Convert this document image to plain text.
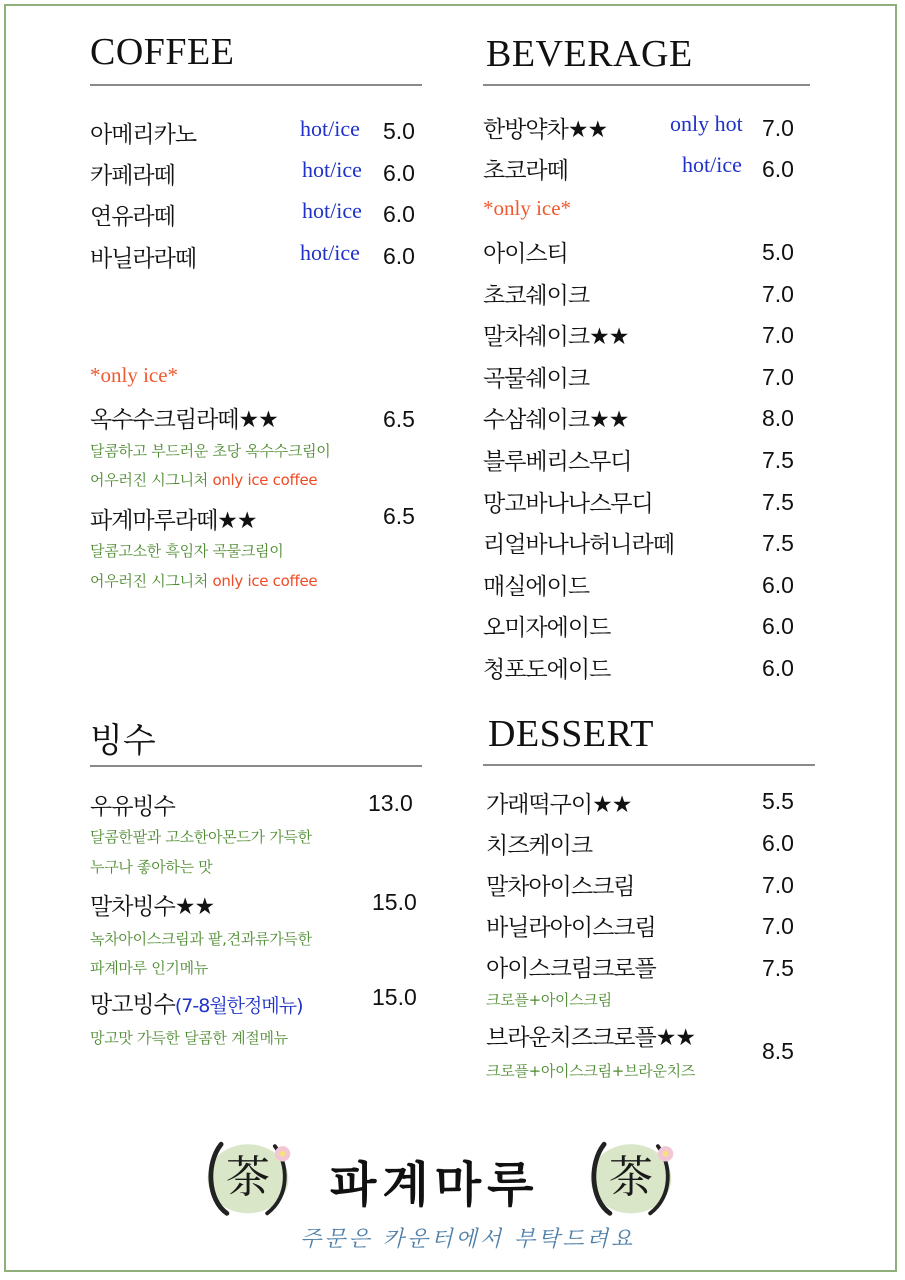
COFFEE
아메리카노	hot/ice 5.0
카페라떼	hot/ice 6.0
연유라떼	hot/ice 6.0
바닐라라떼	hot/ice 6.0
*only ice*
옥수수크림라떼★★	6.5
달콤하고 부드러운 초당 옥수수크림이
어우러진 시그니처 only ice coffee
파계마루라떼★★	6.5
달콤고소한 흑임자 곡물크림이
어우러진 시그니처 only ice coffee
BEVERAGE
한방약차★★	only hot 7.0
초코라떼	hot/ice 6.0
*only ice*
아이스티	5.0
초코쉐이크	7.0
말차쉐이크★★	7.0
곡물쉐이크	7.0
수삼쉐이크★★	8.0
블루베리스무디	7.5
망고바나나스무디	7.5
리얼바나나허니라떼	7.5
매실에이드	6.0
오미자에이드	6.0
청포도에이드	6.0
빙수
우유빙수	13.0
달콤한팥과 고소한아몬드가 가득한
누구나 좋아하는 맛
말차빙수★★	15.0
녹차아이스크림과 팥,견과류가득한
파계마루 인기메뉴
망고빙수(7-8월한정메뉴)	15.0
망고맛 가득한 달콤한 계절메뉴
DESSERT
가래떡구이★★	5.5
치즈케이크	6.0
말차아이스크림	7.0
바닐라아이스크림	7.0
아이스크림크로플	7.5
크로플+아이스크림
브라운치즈크로플★★	8.5
크로플+아이스크림+브라운치즈
茶 파계마루 茶
주문은 카운터에서 부탁드려요
